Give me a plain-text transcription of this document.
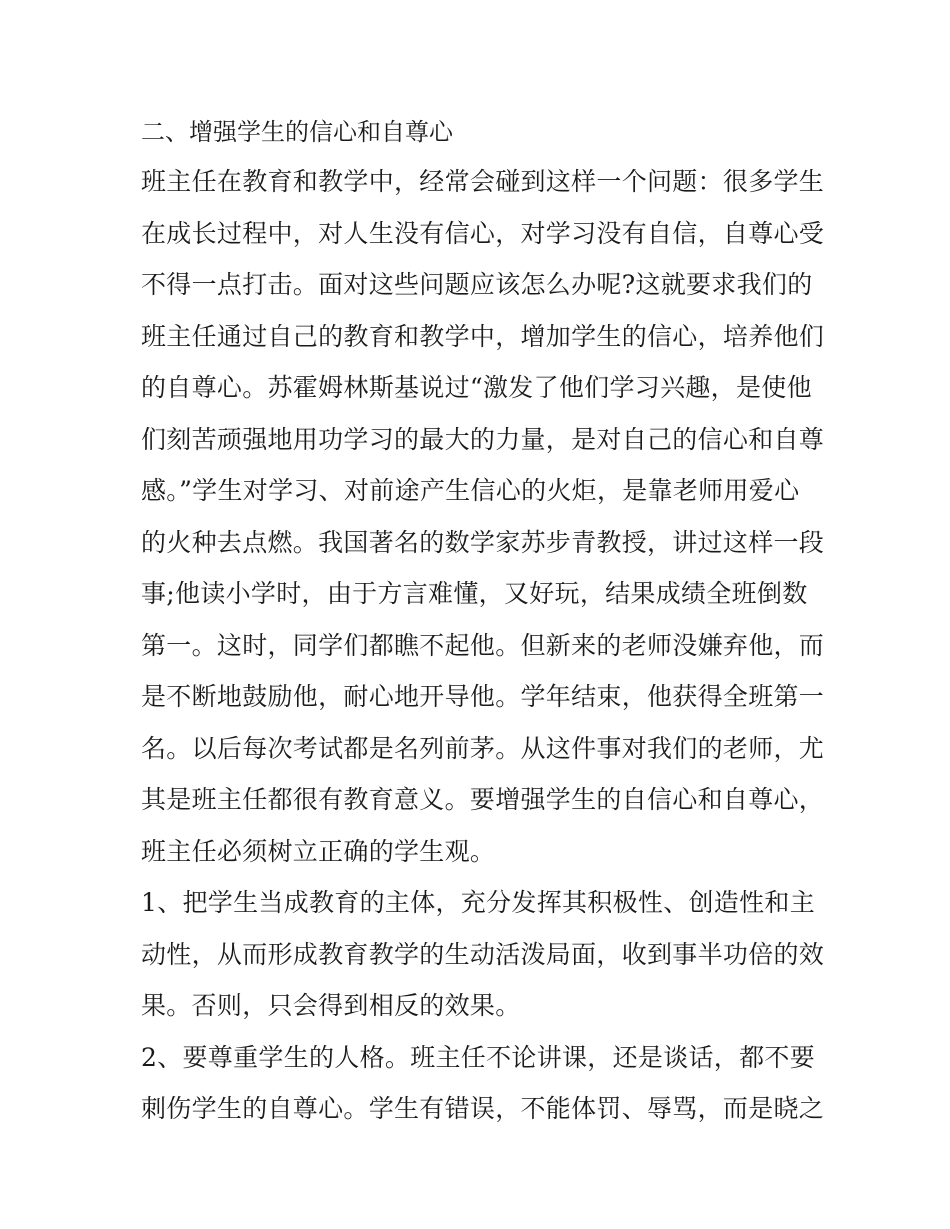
二、增强学生的信心和自尊心
班主任在教育和教学中，经常会碰到这样一个问题：很多学生
在成长过程中，对人生没有信心，对学习没有自信，自尊心受
不得一点打击。面对这些问题应该怎么办呢?这就要求我们的
班主任通过自己的教育和教学中，增加学生的信心，培养他们
的自尊心。苏霍姆林斯基说过“激发了他们学习兴趣，是使他
们刻苦顽强地用功学习的最大的力量，是对自己的信心和自尊
感。”学生对学习、对前途产生信心的火炬，是靠老师用爱心
的火种去点燃。我国著名的数学家苏步青教授，讲过这样一段
事;他读小学时，由于方言难懂，又好玩，结果成绩全班倒数
第一。这时，同学们都瞧不起他。但新来的老师没嫌弃他，而
是不断地鼓励他，耐心地开导他。学年结束，他获得全班第一
名。以后每次考试都是名列前茅。从这件事对我们的老师，尤
其是班主任都很有教育意义。要增强学生的自信心和自尊心，
班主任必须树立正确的学生观。
1、把学生当成教育的主体，充分发挥其积极性、创造性和主
动性，从而形成教育教学的生动活泼局面，收到事半功倍的效
果。否则，只会得到相反的效果。
2、要尊重学生的人格。班主任不论讲课，还是谈话，都不要
刺伤学生的自尊心。学生有错误，不能体罚、辱骂，而是晓之
